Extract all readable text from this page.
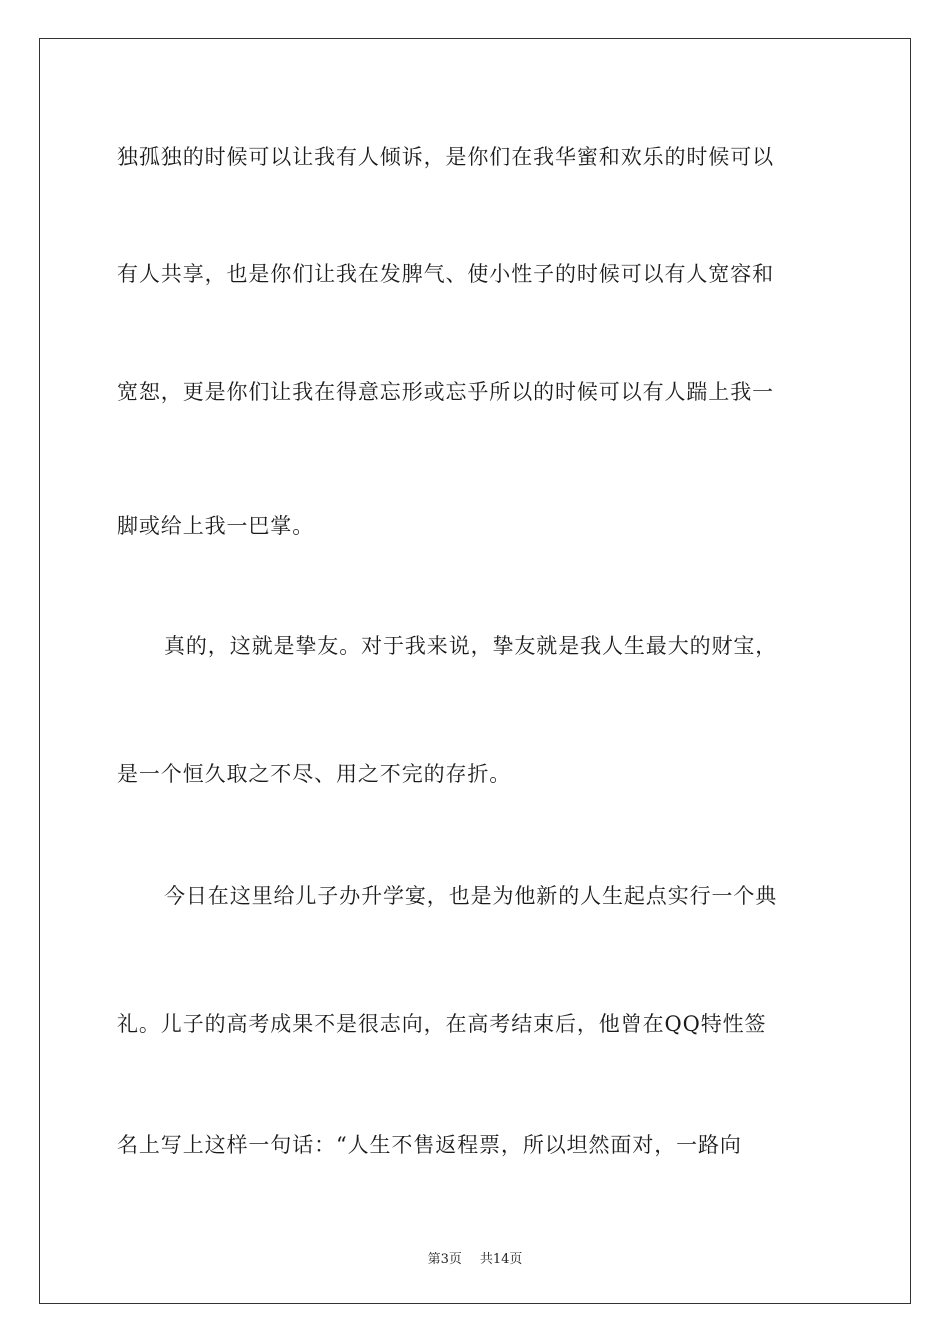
独孤独的时候可以让我有人倾诉，是你们在我华蜜和欢乐的时候可以
有人共享，也是你们让我在发脾气、使小性子的时候可以有人宽容和
宽恕，更是你们让我在得意忘形或忘乎所以的时候可以有人踹上我一
脚或给上我一巴掌。
真的，这就是挚友。对于我来说，挚友就是我人生最大的财宝，
是一个恒久取之不尽、用之不完的存折。
今日在这里给儿子办升学宴，也是为他新的人生起点实行一个典
礼。儿子的高考成果不是很志向，在高考结束后，他曾在QQ特性签
名上写上这样一句话：“人生不售返程票，所以坦然面对，一路向
第3页 共14页
